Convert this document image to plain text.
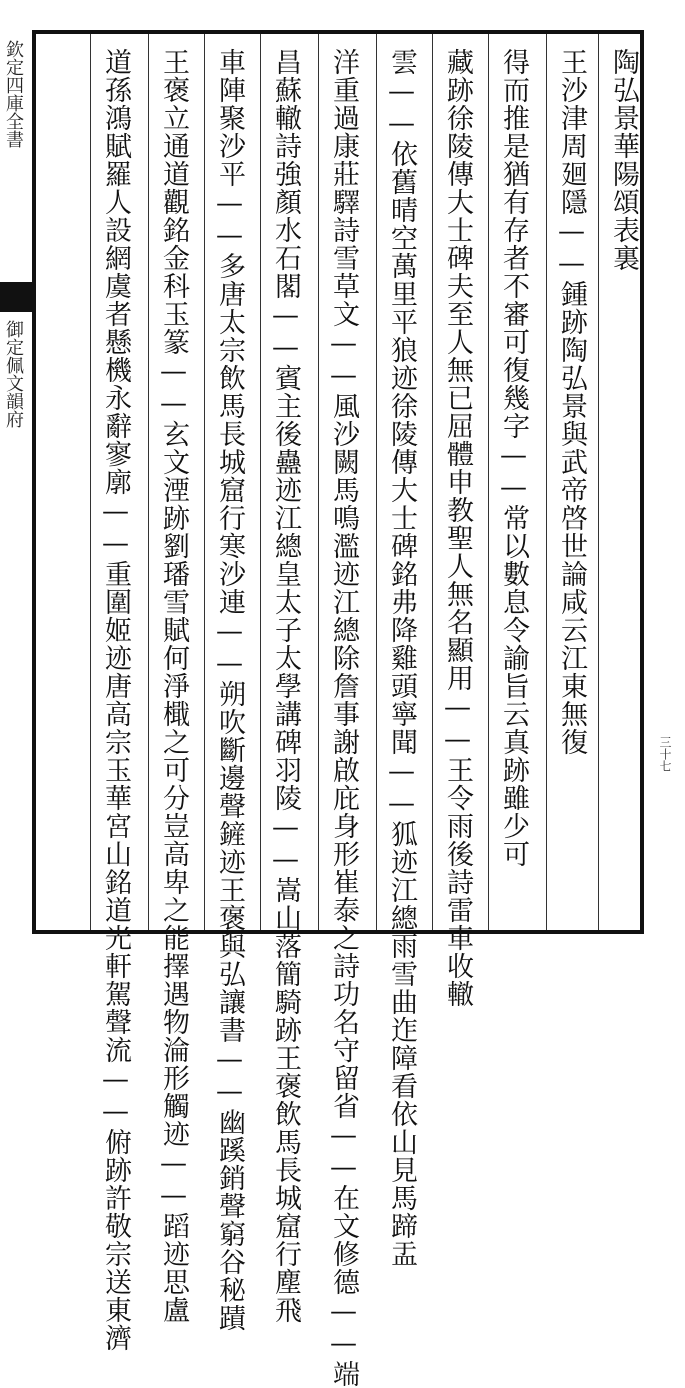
欽定四庫全書
御定佩文韻府
三十七
陶弘景華陽頌表裏
王沙津周廻隱——鍾跡陶弘景與武帝啓世論咸云江東無復
得而推是猶有存者不審可復幾字——常以數息令諭旨云真跡雖少可
藏跡徐陵傳大士碑夫至人無已屈體申教聖人無名顯用——王令雨後詩雷車收轍
雲——依舊晴空萬里平狼迹徐陵傳大士碑銘弗降雞頭寧聞——狐迹江總雨雪曲迮障看依山見馬蹄盂
洋重過康莊驛詩雪草文——風沙闕馬鳴濫迹江總除詹事謝啟庇身形崔泰之詩功名守留省——在文修德——端
昌蘇轍詩強顏水石閣——賓主後蠱迹江總皇太子太學講碑羽陵——嵩山落簡騎跡王褒飲馬長城窟行塵飛
車陣聚沙平——多唐太宗飲馬長城窟行寒沙連——朔吹斷邊聲鏟迹王褒與弘讓書——幽蹊銷聲窮谷秘蹟
王褒立通道觀銘金科玉篆——玄文湮跡劉璠雪賦何淨檝之可分豈高卑之能擇遇物淪形觸迹——蹈迹思盧
道孫鴻賦羅人設網虞者懸機永辭寥廓——重圍姬迹唐高宗玉華宮山銘道光軒駕聲流——俯跡許敬宗送東濟
